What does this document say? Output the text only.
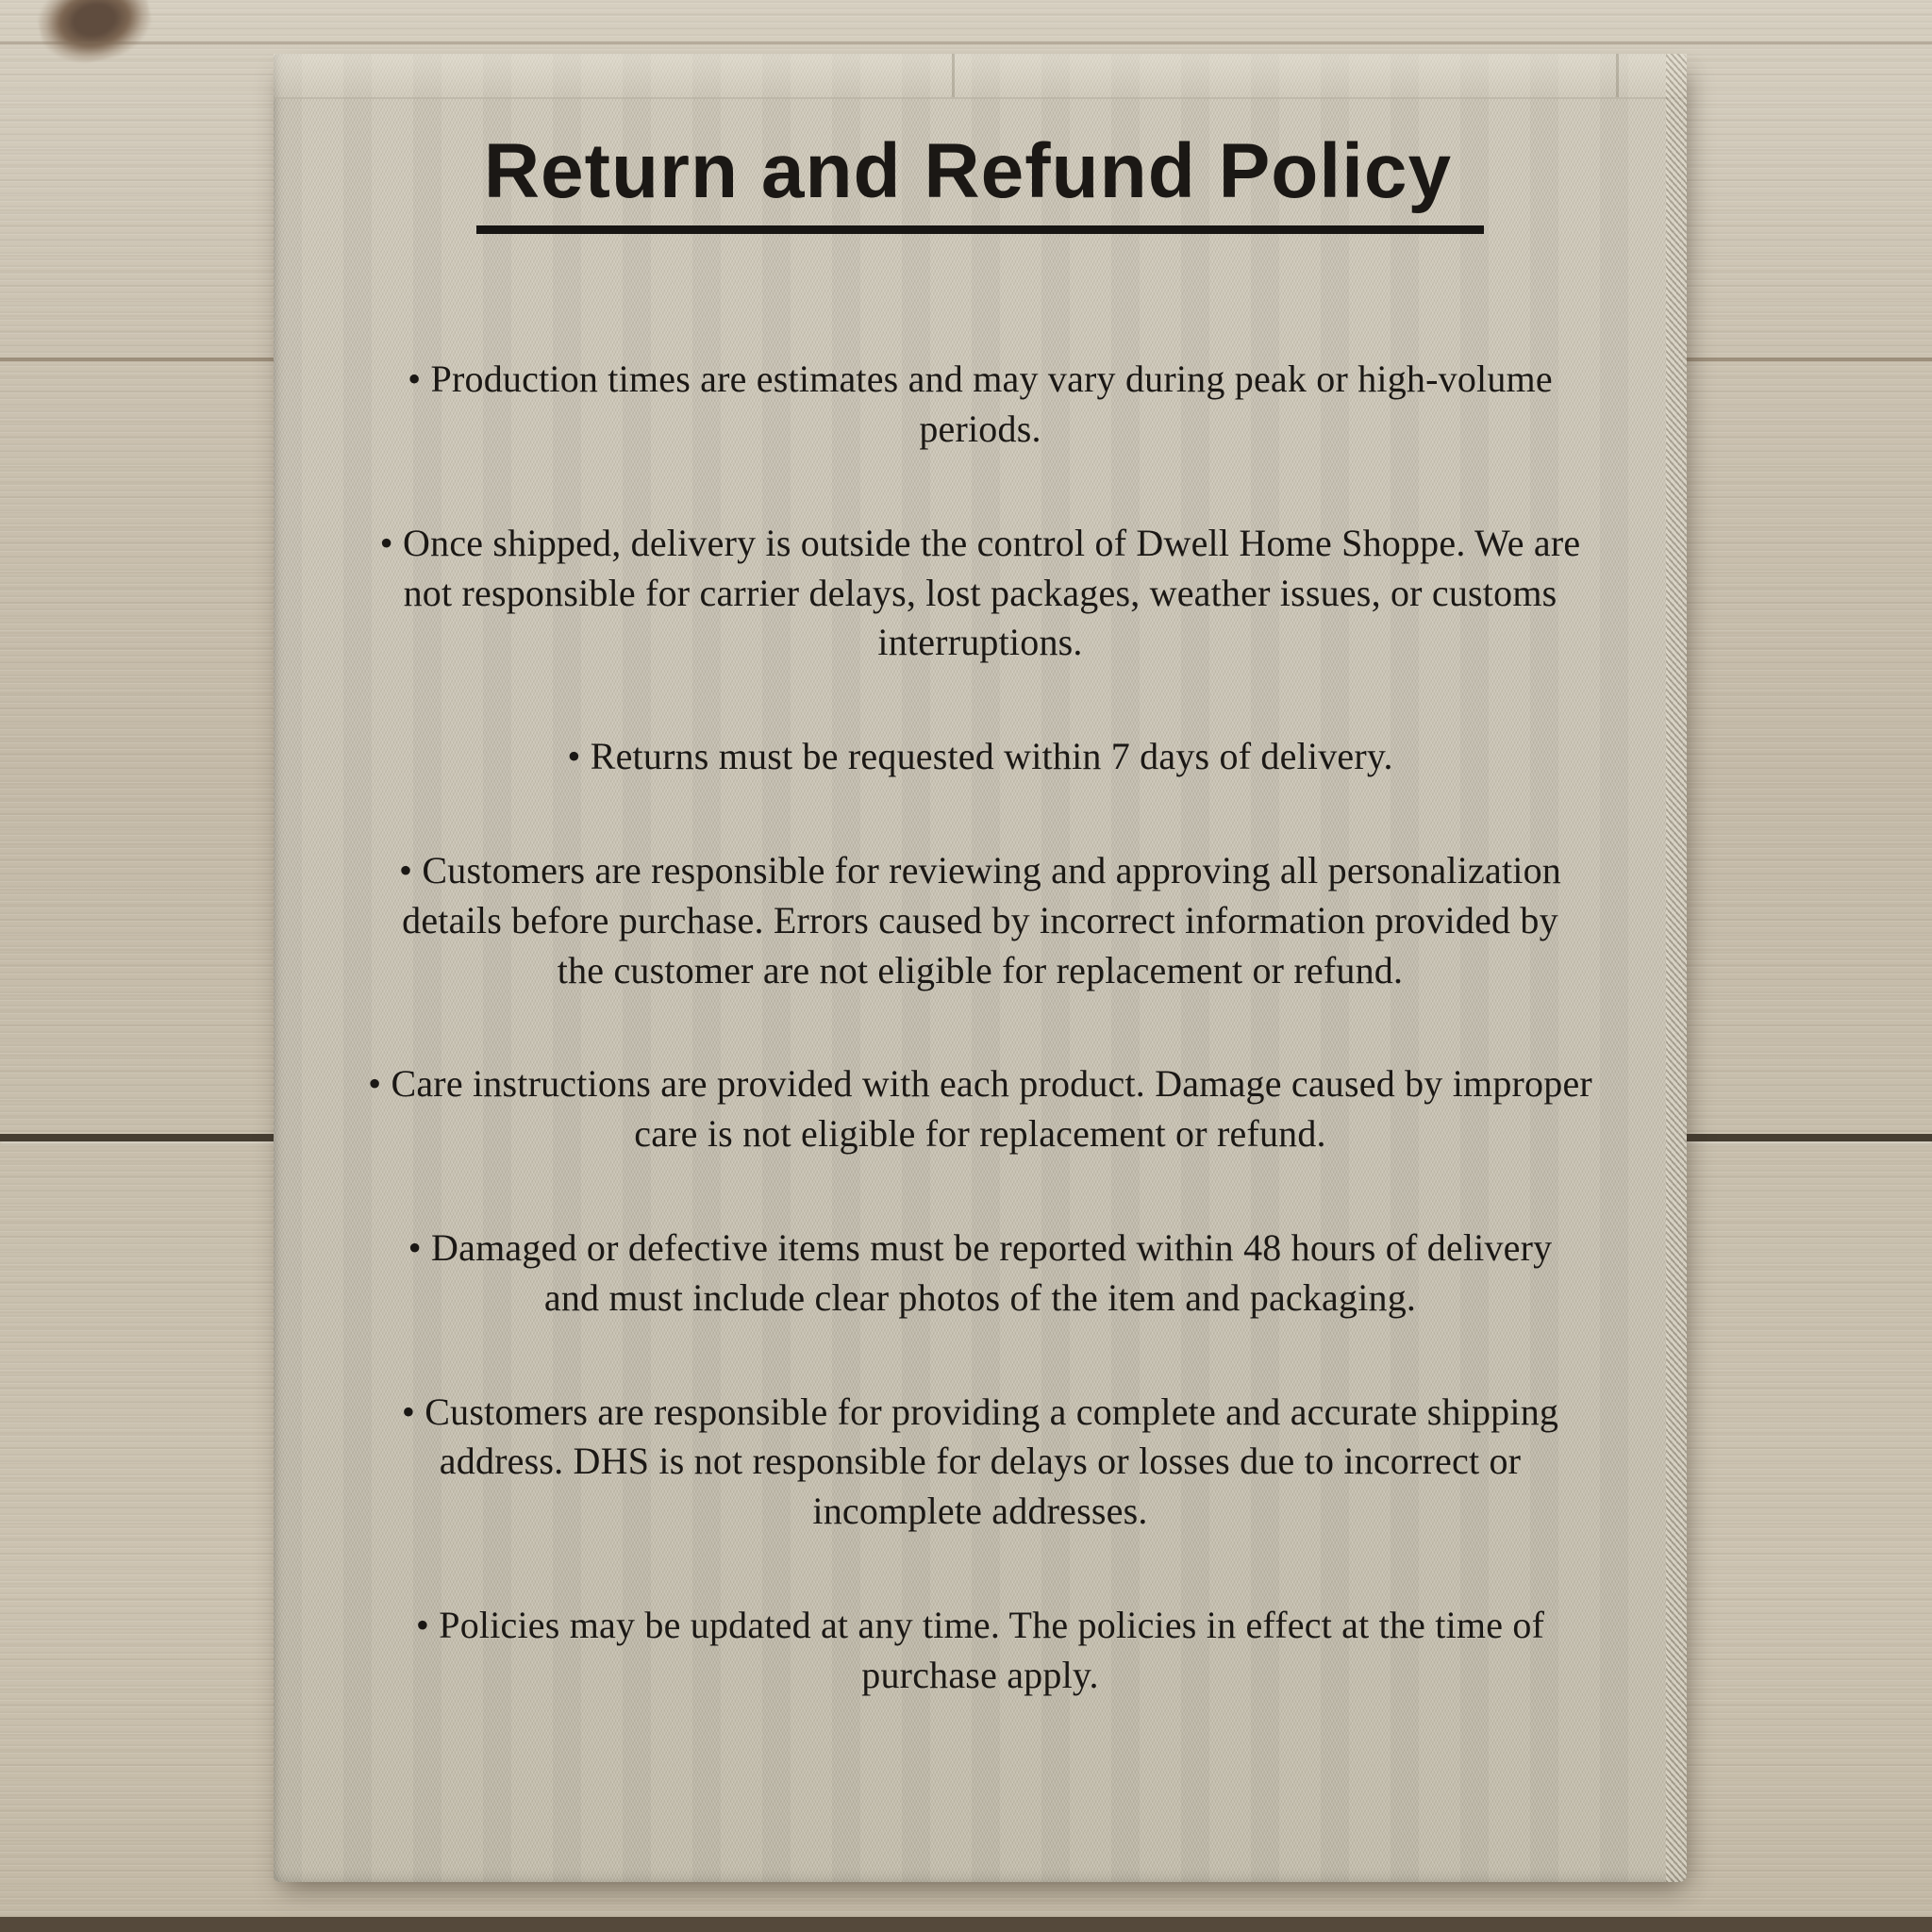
Return and Refund Policy

• Production times are estimates and may vary during peak or high-volume periods.

• Once shipped, delivery is outside the control of Dwell Home Shoppe. We are not responsible for carrier delays, lost packages, weather issues, or customs interruptions.

• Returns must be requested within 7 days of delivery.

• Customers are responsible for reviewing and approving all personalization details before purchase. Errors caused by incorrect information provided by the customer are not eligible for replacement or refund.

• Care instructions are provided with each product. Damage caused by improper care is not eligible for replacement or refund.

• Damaged or defective items must be reported within 48 hours of delivery and must include clear photos of the item and packaging.

• Customers are responsible for providing a complete and accurate shipping address. DHS is not responsible for delays or losses due to incorrect or incomplete addresses.

• Policies may be updated at any time. The policies in effect at the time of purchase apply.
